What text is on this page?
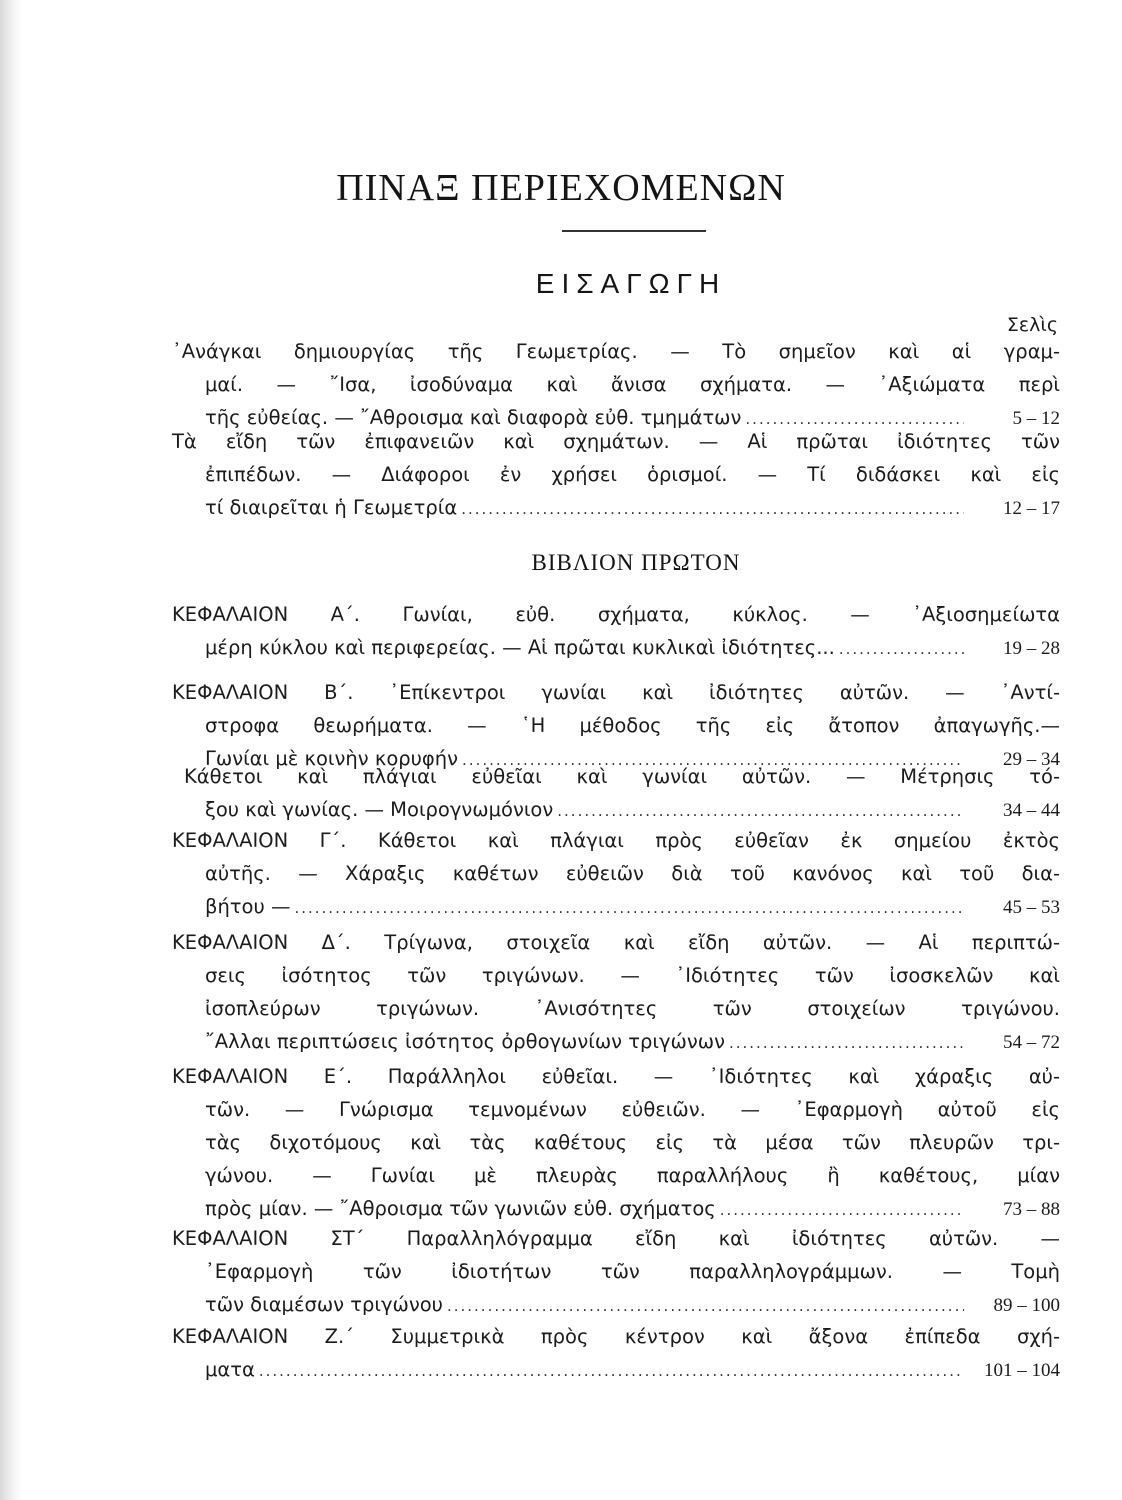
ΠΙΝΑΞ ΠΕΡΙΕΧΟΜΕΝΩΝ
ΕΙΣΑΓΩΓΗ
Σελὶς
ΒΙΒΛΙΟΝ ΠΡΩΤΟΝ
᾿Ανάγκαι δημιουργίας τῆς Γεωμετρίας. — Τὸ σημεῖον καὶ αἱ γραμ-
μαί. — ῎Ισα, ἰσοδύναμα καὶ ἄνισα σχήματα. — ᾿Αξιώματα περὶ
τῆς εὐθείας. — ῎Αθροισμα καὶ διαφορὰ εὐθ. τμημάτων .....	5 – 12
Τὰ εἴδη τῶν ἐπιφανειῶν καὶ σχημάτων. — Αἱ πρῶται ἰδιότητες τῶν
ἐπιπέδων. — Διάφοροι ἐν χρήσει ὁρισμοί. — Τί διδάσκει καὶ εἰς
τί διαιρεῖται ἡ Γεωμετρία .....	12 – 17
ΚΕΦΑΛΑΙΟΝ Α΄. Γωνίαι, εὐθ. σχήματα, κύκλος. — ᾿Αξιοσημείωτα
μέρη κύκλου καὶ περιφερείας. — Αἱ πρῶται κυκλικαὶ ἰδιότητες... .....	19 – 28
ΚΕΦΑΛΑΙΟΝ Β΄. ᾿Επίκεντροι γωνίαι καὶ ἰδιότητες αὐτῶν. — ᾿Αντί-
στροφα θεωρήματα. — ῾Η μέθοδος τῆς εἰς ἄτοπον ἀπαγωγῆς.—
Γωνίαι μὲ κοινὴν κορυφήν .....	29 – 34
Κάθετοι καὶ πλάγιαι εὐθεῖαι καὶ γωνίαι αὐτῶν. — Μέτρησις τό-
ξου καὶ γωνίας. — Μοιρογνωμόνιον .....	34 – 44
ΚΕΦΑΛΑΙΟΝ Γ΄. Κάθετοι καὶ πλάγιαι πρὸς εὐθεῖαν ἐκ σημείου ἐκτὸς
αὐτῆς. — Χάραξις καθέτων εὐθειῶν διὰ τοῦ κανόνος καὶ τοῦ δια-
βήτου — .....	45 – 53
ΚΕΦΑΛΑΙΟΝ Δ΄. Τρίγωνα, στοιχεῖα καὶ εἴδη αὐτῶν. — Αἱ περιπτώ-
σεις ἰσότητος τῶν τριγώνων. — ᾿Ιδιότητες τῶν ἰσοσκελῶν καὶ
ἰσοπλεύρων τριγώνων. ᾿Ανισότητες τῶν στοιχείων τριγώνου.
῎Αλλαι περιπτώσεις ἰσότητος ὀρθογωνίων τριγώνων .....	54 – 72
ΚΕΦΑΛΑΙΟΝ Ε΄. Παράλληλοι εὐθεῖαι. — ᾿Ιδιότητες καὶ χάραξις αὐ-
τῶν. — Γνώρισμα τεμνομένων εὐθειῶν. — ᾿Εφαρμογὴ αὐτοῦ εἰς
τὰς διχοτόμους καὶ τὰς καθέτους εἰς τὰ μέσα τῶν πλευρῶν τρι-
γώνου. — Γωνίαι μὲ πλευρὰς παραλλήλους ἢ καθέτους, μίαν
πρὸς μίαν. — ῎Αθροισμα τῶν γωνιῶν εὐθ. σχήματος .....	73 – 88
ΚΕΦΑΛΑΙΟΝ ΣΤ΄ Παραλληλόγραμμα εἴδη καὶ ἰδιότητες αὐτῶν. —
᾿Εφαρμογὴ τῶν ἰδιοτήτων τῶν παραλληλογράμμων. — Τομὴ
τῶν διαμέσων τριγώνου .....	89 – 100
ΚΕΦΑΛΑΙΟΝ Ζ.΄ Συμμετρικὰ πρὸς κέντρον καὶ ἄξονα ἐπίπεδα σχή-
ματα .....	101 – 104
